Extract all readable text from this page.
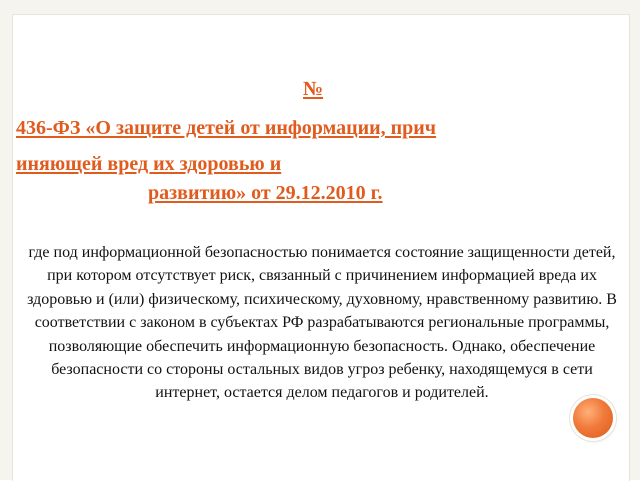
№
436-ФЗ «О защите детей от информации, прич
иняющей вред их здоровью и
развитию» от 29.12.2010 г.

где под информационной безопасностью понимается состояние защищенности детей, при котором отсутствует риск, связанный с причинением информацией вреда их здоровью и (или) физическому, психическому, духовному, нравственному развитию. В соответствии с законом в субъектах РФ разрабатываются региональные программы, позволяющие обеспечить информационную безопасность. Однако, обеспечение безопасности со стороны остальных видов угроз ребенку, находящемуся в сети интернет, остается делом педагогов и родителей.
